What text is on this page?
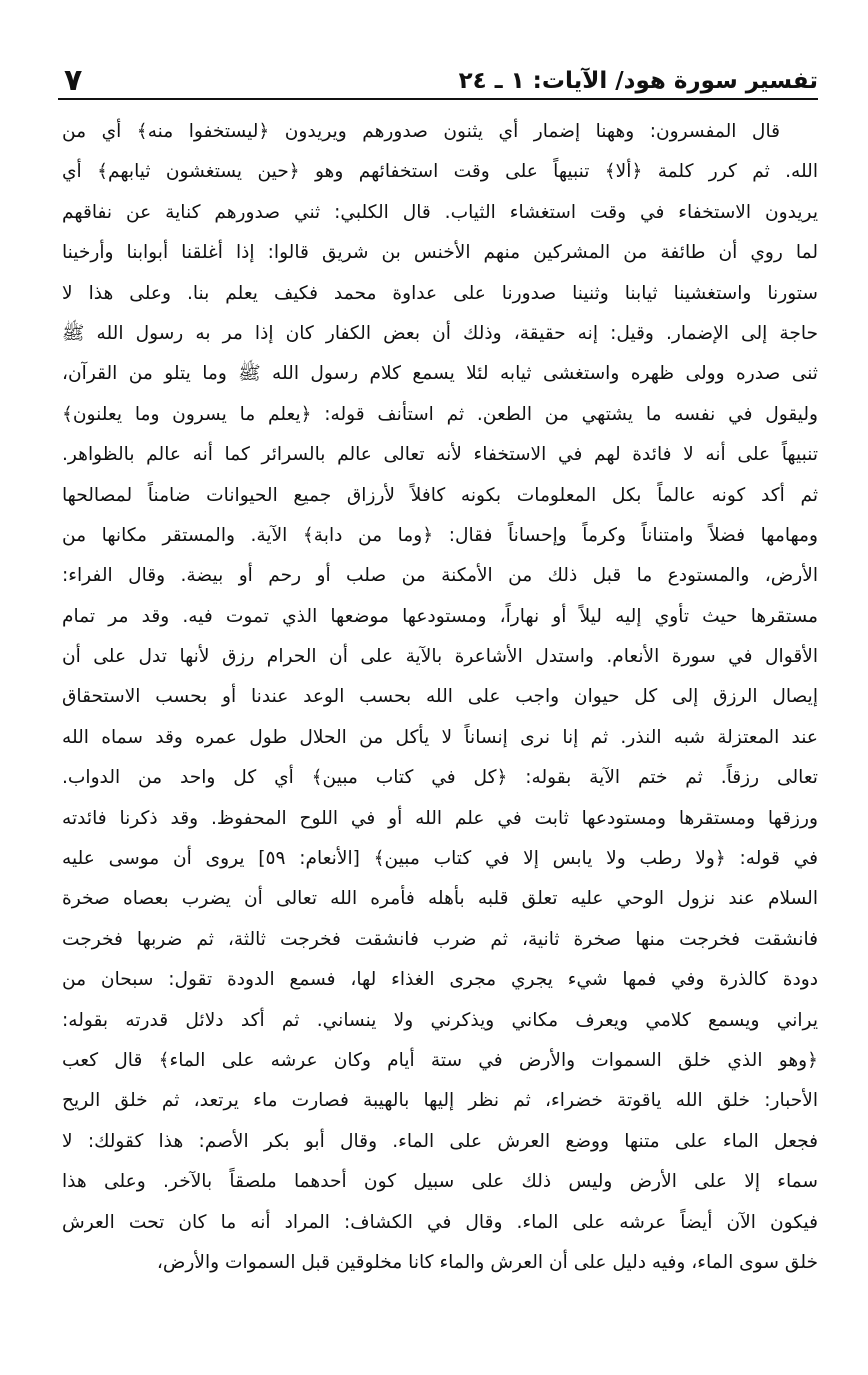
تفسير سورة هود/ الآيات: ١ ـ ٢٤
٧
قال المفسرون: وههنا إضمار أي يثنون صدورهم ويريدون ﴿ليستخفوا منه﴾ أي من
الله. ثم كرر كلمة ﴿ألا﴾ تنبيهاً على وقت استخفائهم وهو ﴿حين يستغشون ثيابهم﴾ أي
يريدون الاستخفاء في وقت استغشاء الثياب. قال الكلبي: ثني صدورهم كناية عن نفاقهم
لما روي أن طائفة من المشركين منهم الأخنس بن شريق قالوا: إذا أغلقنا أبوابنا وأرخينا
ستورنا واستغشينا ثيابنا وثنينا صدورنا على عداوة محمد فكيف يعلم بنا. وعلى هذا لا
حاجة إلى الإضمار. وقيل: إنه حقيقة، وذلك أن بعض الكفار كان إذا مر به رسول الله ﷺ
ثنى صدره وولى ظهره واستغشى ثيابه لئلا يسمع كلام رسول الله ﷺ وما يتلو من القرآن،
وليقول في نفسه ما يشتهي من الطعن. ثم استأنف قوله: ﴿يعلم ما يسرون وما يعلنون﴾
تنبيهاً على أنه لا فائدة لهم في الاستخفاء لأنه تعالى عالم بالسرائر كما أنه عالم بالظواهر.
ثم أكد كونه عالماً بكل المعلومات بكونه كافلاً لأرزاق جميع الحيوانات ضامناً لمصالحها
ومهامها فضلاً وامتناناً وكرماً وإحساناً فقال: ﴿وما من دابة﴾ الآية. والمستقر مكانها من
الأرض، والمستودع ما قبل ذلك من الأمكنة من صلب أو رحم أو بيضة. وقال الفراء:
مستقرها حيث تأوي إليه ليلاً أو نهاراً، ومستودعها موضعها الذي تموت فيه. وقد مر تمام
الأقوال في سورة الأنعام. واستدل الأشاعرة بالآية على أن الحرام رزق لأنها تدل على أن
إيصال الرزق إلى كل حيوان واجب على الله بحسب الوعد عندنا أو بحسب الاستحقاق
عند المعتزلة شبه النذر. ثم إنا نرى إنساناً لا يأكل من الحلال طول عمره وقد سماه الله
تعالى رزقاً. ثم ختم الآية بقوله: ﴿كل في كتاب مبين﴾ أي كل واحد من الدواب.
ورزقها ومستقرها ومستودعها ثابت في علم الله أو في اللوح المحفوظ. وقد ذكرنا فائدته
في قوله: ﴿ولا رطب ولا يابس إلا في كتاب مبين﴾ [الأنعام: ٥٩] يروى أن موسى عليه
السلام عند نزول الوحي عليه تعلق قلبه بأهله فأمره الله تعالى أن يضرب بعصاه صخرة
فانشقت فخرجت منها صخرة ثانية، ثم ضرب فانشقت فخرجت ثالثة، ثم ضربها فخرجت
دودة كالذرة وفي فمها شيء يجري مجرى الغذاء لها، فسمع الدودة تقول: سبحان من
يراني ويسمع كلامي ويعرف مكاني ويذكرني ولا ينساني. ثم أكد دلائل قدرته بقوله:
﴿وهو الذي خلق السموات والأرض في ستة أيام وكان عرشه على الماء﴾ قال كعب
الأحبار: خلق الله ياقوتة خضراء، ثم نظر إليها بالهيبة فصارت ماء يرتعد، ثم خلق الريح
فجعل الماء على متنها ووضع العرش على الماء. وقال أبو بكر الأصم: هذا كقولك: لا
سماء إلا على الأرض وليس ذلك على سبيل كون أحدهما ملصقاً بالآخر. وعلى هذا
فيكون الآن أيضاً عرشه على الماء. وقال في الكشاف: المراد أنه ما كان تحت العرش
خلق سوى الماء، وفيه دليل على أن العرش والماء كانا مخلوقين قبل السموات والأرض،
